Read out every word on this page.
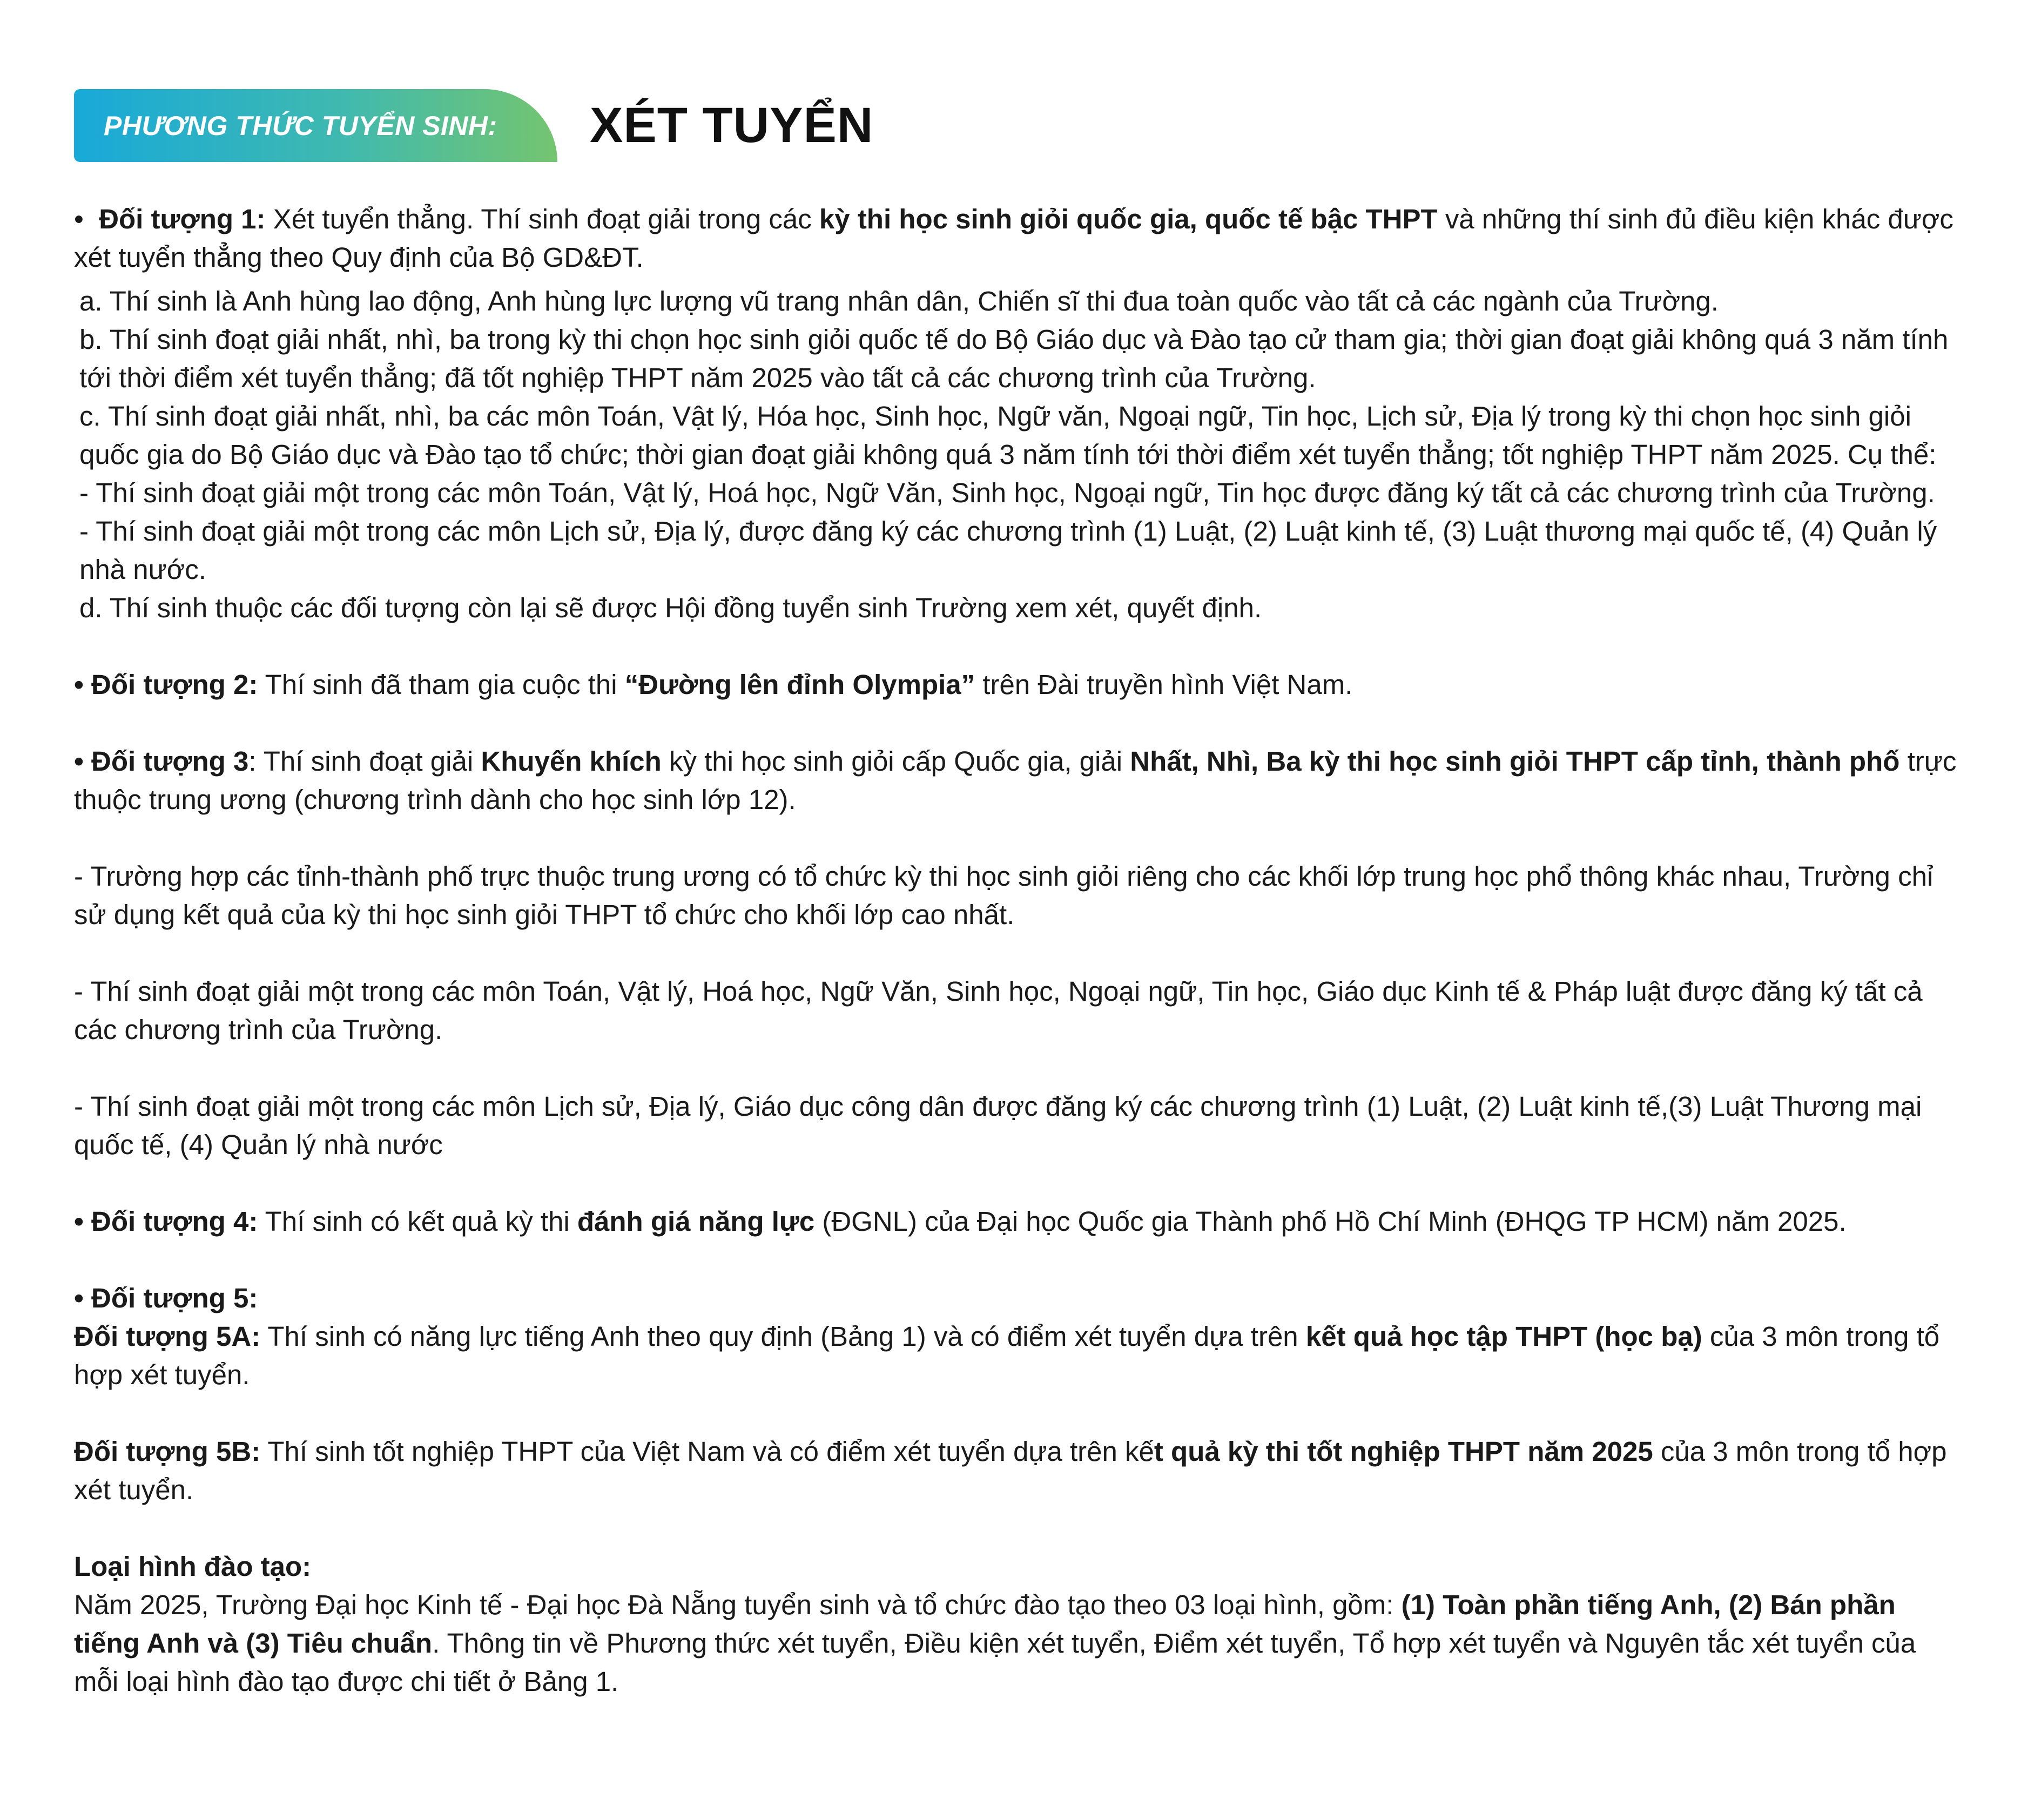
PHƯƠNG THỨC TUYỂN SINH:	XÉT TUYỂN

• Đối tượng 1: Xét tuyển thẳng. Thí sinh đoạt giải trong các kỳ thi học sinh giỏi quốc gia, quốc tế bậc THPT và những thí sinh đủ điều kiện khác được xét tuyển thẳng theo Quy định của Bộ GD&ĐT.

a. Thí sinh là Anh hùng lao động, Anh hùng lực lượng vũ trang nhân dân, Chiến sĩ thi đua toàn quốc vào tất cả các ngành của Trường.

b. Thí sinh đoạt giải nhất, nhì, ba trong kỳ thi chọn học sinh giỏi quốc tế do Bộ Giáo dục và Đào tạo cử tham gia; thời gian đoạt giải không quá 3 năm tính tới thời điểm xét tuyển thẳng; đã tốt nghiệp THPT năm 2025 vào tất cả các chương trình của Trường.

c. Thí sinh đoạt giải nhất, nhì, ba các môn Toán, Vật lý, Hóa học, Sinh học, Ngữ văn, Ngoại ngữ, Tin học, Lịch sử, Địa lý trong kỳ thi chọn học sinh giỏi quốc gia do Bộ Giáo dục và Đào tạo tổ chức; thời gian đoạt giải không quá 3 năm tính tới thời điểm xét tuyển thẳng; tốt nghiệp THPT năm 2025. Cụ thể:

- Thí sinh đoạt giải một trong các môn Toán, Vật lý, Hoá học, Ngữ Văn, Sinh học, Ngoại ngữ, Tin học được đăng ký tất cả các chương trình của Trường.

- Thí sinh đoạt giải một trong các môn Lịch sử, Địa lý, được đăng ký các chương trình (1) Luật, (2) Luật kinh tế, (3) Luật thương mại quốc tế, (4) Quản lý nhà nước.

d. Thí sinh thuộc các đối tượng còn lại sẽ được Hội đồng tuyển sinh Trường xem xét, quyết định.

• Đối tượng 2: Thí sinh đã tham gia cuộc thi “Đường lên đỉnh Olympia” trên Đài truyền hình Việt Nam.

• Đối tượng 3: Thí sinh đoạt giải Khuyến khích kỳ thi học sinh giỏi cấp Quốc gia, giải Nhất, Nhì, Ba kỳ thi học sinh giỏi THPT cấp tỉnh, thành phố trực thuộc trung ương (chương trình dành cho học sinh lớp 12).

- Trường hợp các tỉnh-thành phố trực thuộc trung ương có tổ chức kỳ thi học sinh giỏi riêng cho các khối lớp trung học phổ thông khác nhau, Trường chỉ sử dụng kết quả của kỳ thi học sinh giỏi THPT tổ chức cho khối lớp cao nhất.

- Thí sinh đoạt giải một trong các môn Toán, Vật lý, Hoá học, Ngữ Văn, Sinh học, Ngoại ngữ, Tin học, Giáo dục Kinh tế & Pháp luật được đăng ký tất cả các chương trình của Trường.

- Thí sinh đoạt giải một trong các môn Lịch sử, Địa lý, Giáo dục công dân được đăng ký các chương trình (1) Luật, (2) Luật kinh tế,(3) Luật Thương mại quốc tế, (4) Quản lý nhà nước

• Đối tượng 4: Thí sinh có kết quả kỳ thi đánh giá năng lực (ĐGNL) của Đại học Quốc gia Thành phố Hồ Chí Minh (ĐHQG TP HCM) năm 2025.

• Đối tượng 5:

Đối tượng 5A: Thí sinh có năng lực tiếng Anh theo quy định (Bảng 1) và có điểm xét tuyển dựa trên kết quả học tập THPT (học bạ) của 3 môn trong tổ hợp xét tuyển.

Đối tượng 5B: Thí sinh tốt nghiệp THPT của Việt Nam và có điểm xét tuyển dựa trên kết quả kỳ thi tốt nghiệp THPT năm 2025 của 3 môn trong tổ hợp xét tuyển.

Loại hình đào tạo:

Năm 2025, Trường Đại học Kinh tế - Đại học Đà Nẵng tuyển sinh và tổ chức đào tạo theo 03 loại hình, gồm: (1) Toàn phần tiếng Anh, (2) Bán phần tiếng Anh và (3) Tiêu chuẩn. Thông tin về Phương thức xét tuyển, Điều kiện xét tuyển, Điểm xét tuyển, Tổ hợp xét tuyển và Nguyên tắc xét tuyển của mỗi loại hình đào tạo được chi tiết ở Bảng 1.
